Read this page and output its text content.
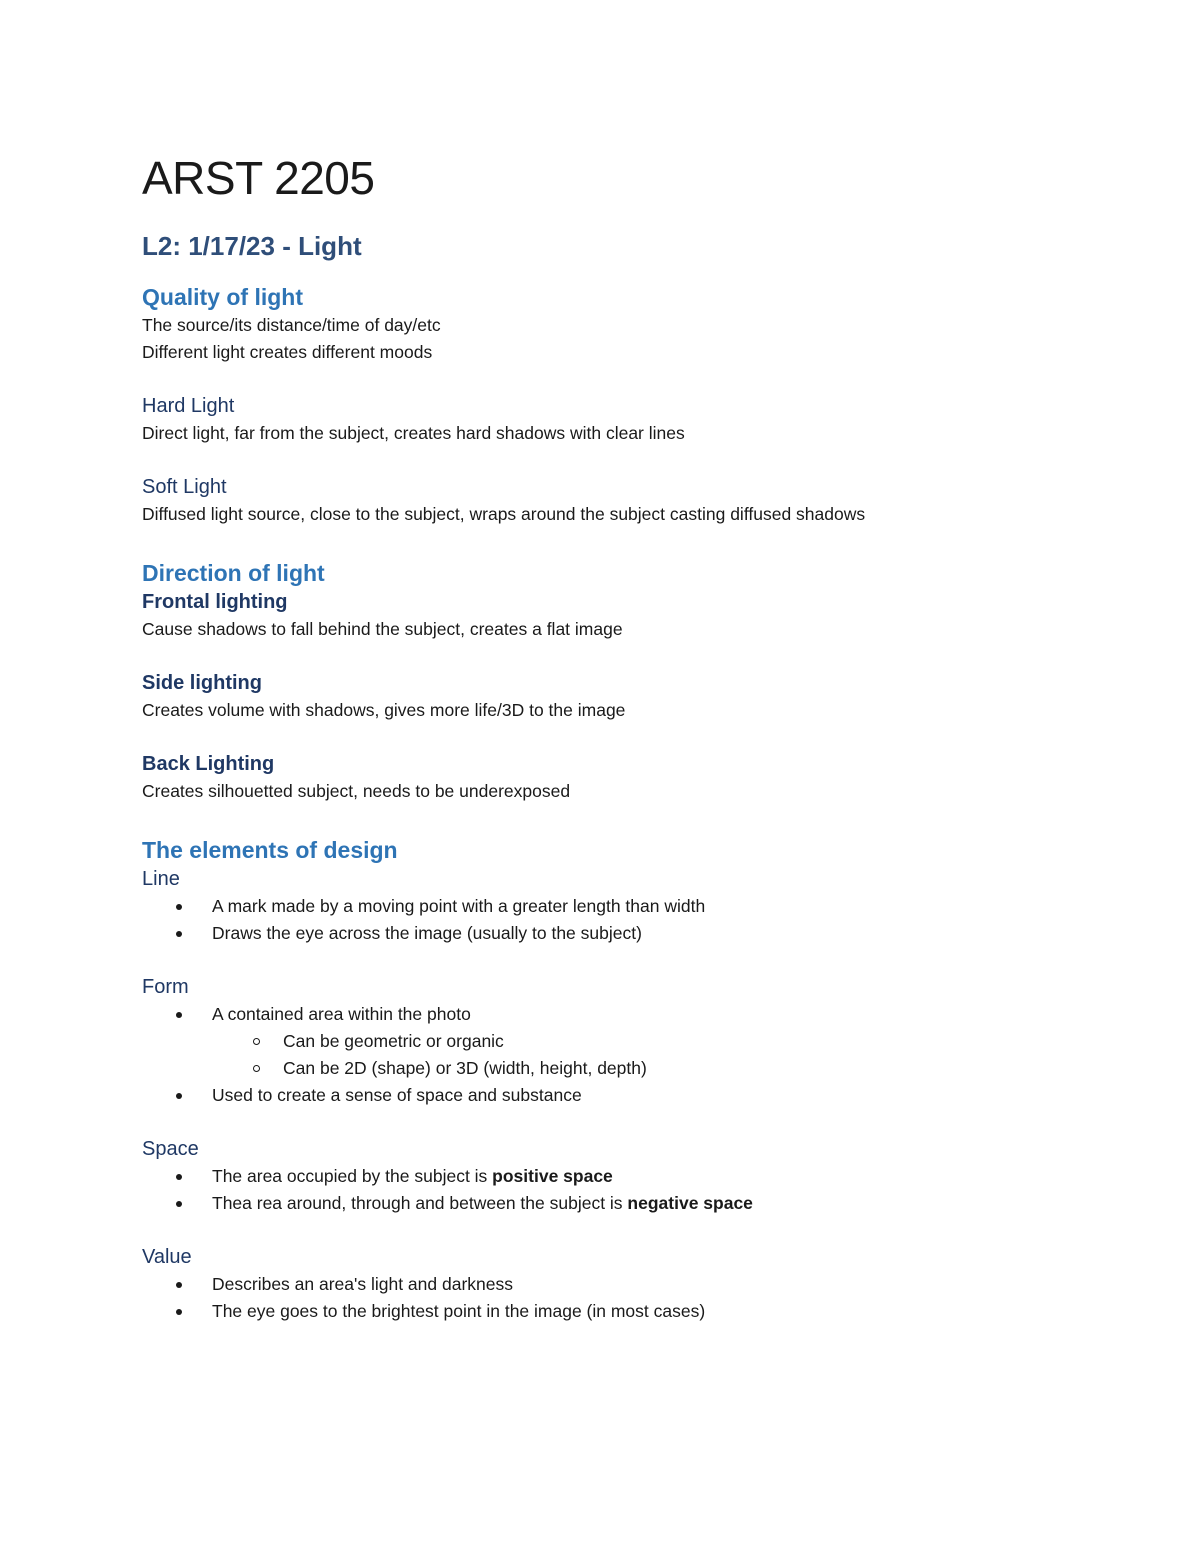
ARST 2205
L2: 1/17/23 - Light
Quality of light
The source/its distance/time of day/etc
Different light creates different moods
Hard Light
Direct light, far from the subject, creates hard shadows with clear lines
Soft Light
Diffused light source, close to the subject, wraps around the subject casting diffused shadows
Direction of light
Frontal lighting
Cause shadows to fall behind the subject, creates a flat image
Side lighting
Creates volume with shadows, gives more life/3D to the image
Back Lighting
Creates silhouetted subject, needs to be underexposed
The elements of design
Line
A mark made by a moving point with a greater length than width
Draws the eye across the image (usually to the subject)
Form
A contained area within the photo
Can be geometric or organic
Can be 2D (shape) or 3D (width, height, depth)
Used to create a sense of space and substance
Space
The area occupied by the subject is positive space
Thea rea around, through and between the subject is negative space
Value
Describes an area's light and darkness
The eye goes to the brightest point in the image (in most cases)
